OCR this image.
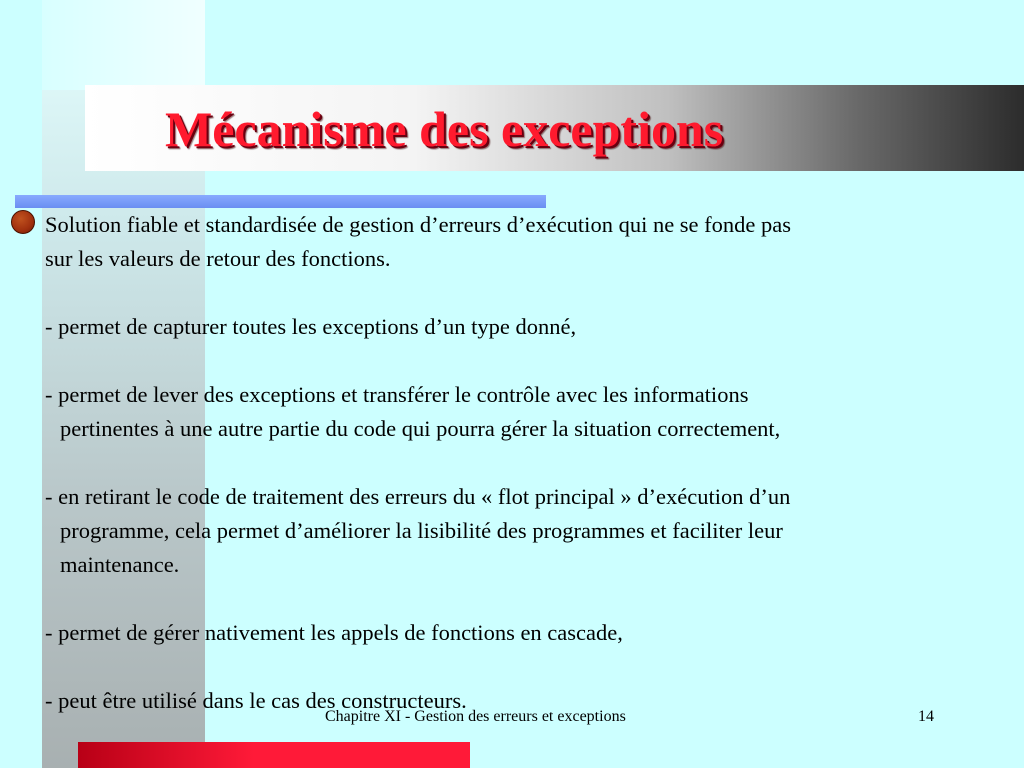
Mécanisme des exceptions

Solution fiable et standardisée de gestion d’erreurs d’exécution qui ne se fonde pas

sur les valeurs de retour des fonctions.

- permet de capturer toutes les exceptions d’un type donné,

- permet de lever des exceptions et transférer le contrôle avec les informations

pertinentes à une autre partie du code qui pourra gérer la situation correctement,

- en retirant le code de traitement des erreurs du « flot principal » d’exécution d’un

programme, cela permet d’améliorer la lisibilité des programmes et faciliter leur

maintenance.

- permet de gérer nativement les appels de fonctions en cascade,

- peut être utilisé dans le cas des constructeurs.

Chapitre XI - Gestion des erreurs et exceptions	14
